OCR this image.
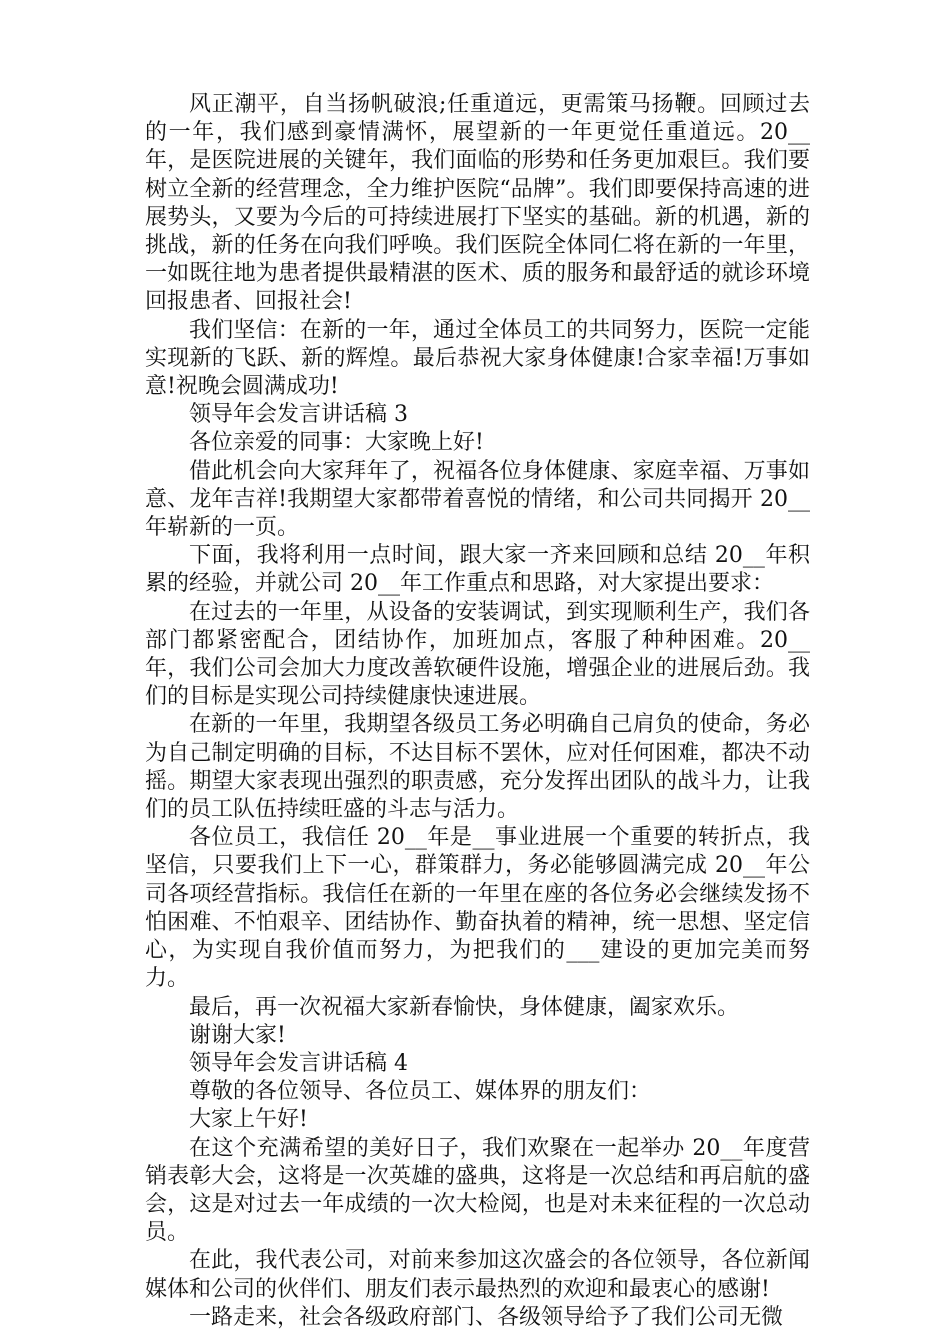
风正潮平，自当扬帆破浪;任重道远，更需策马扬鞭。回顾过去的一年，我们感到豪情满怀，展望新的一年更觉任重道远。20__年，是医院进展的关键年，我们面临的形势和任务更加艰巨。我们要树立全新的经营理念，全力维护医院“品牌”。我们即要保持高速的进展势头，又要为今后的可持续进展打下坚实的基础。新的机遇，新的挑战，新的任务在向我们呼唤。我们医院全体同仁将在新的一年里，一如既往地为患者提供最精湛的医术、质的服务和最舒适的就诊环境回报患者、回报社会!

我们坚信：在新的一年，通过全体员工的共同努力，医院一定能实现新的飞跃、新的辉煌。最后恭祝大家身体健康!合家幸福!万事如意!祝晚会圆满成功!

领导年会发言讲话稿 3

各位亲爱的同事：大家晚上好!

借此机会向大家拜年了，祝福各位身体健康、家庭幸福、万事如意、龙年吉祥!我期望大家都带着喜悦的情绪，和公司共同揭开 20__年崭新的一页。

下面，我将利用一点时间，跟大家一齐来回顾和总结 20__年积累的经验，并就公司 20__年工作重点和思路，对大家提出要求：

在过去的一年里，从设备的安装调试，到实现顺利生产，我们各部门都紧密配合，团结协作，加班加点，客服了种种困难。20__年，我们公司会加大力度改善软硬件设施，增强企业的进展后劲。我们的目标是实现公司持续健康快速进展。

在新的一年里，我期望各级员工务必明确自己肩负的使命，务必为自己制定明确的目标，不达目标不罢休，应对任何困难，都决不动摇。期望大家表现出强烈的职责感，充分发挥出团队的战斗力，让我们的员工队伍持续旺盛的斗志与活力。

各位员工，我信任 20__年是__事业进展一个重要的转折点，我坚信，只要我们上下一心，群策群力，务必能够圆满完成 20__年公司各项经营指标。我信任在新的一年里在座的各位务必会继续发扬不怕困难、不怕艰辛、团结协作、勤奋执着的精神，统一思想、坚定信心，为实现自我价值而努力，为把我们的___建设的更加完美而努力。

最后，再一次祝福大家新春愉快，身体健康，阖家欢乐。

谢谢大家!

领导年会发言讲话稿 4

尊敬的各位领导、各位员工、媒体界的朋友们：

大家上午好!

在这个充满希望的美好日子，我们欢聚在一起举办 20__年度营销表彰大会，这将是一次英雄的盛典，这将是一次总结和再启航的盛会，这是对过去一年成绩的一次大检阅，也是对未来征程的一次总动员。

在此，我代表公司，对前来参加这次盛会的各位领导，各位新闻媒体和公司的伙伴们、朋友们表示最热烈的欢迎和最衷心的感谢!

一路走来，社会各级政府部门、各级领导给予了我们公司无微
